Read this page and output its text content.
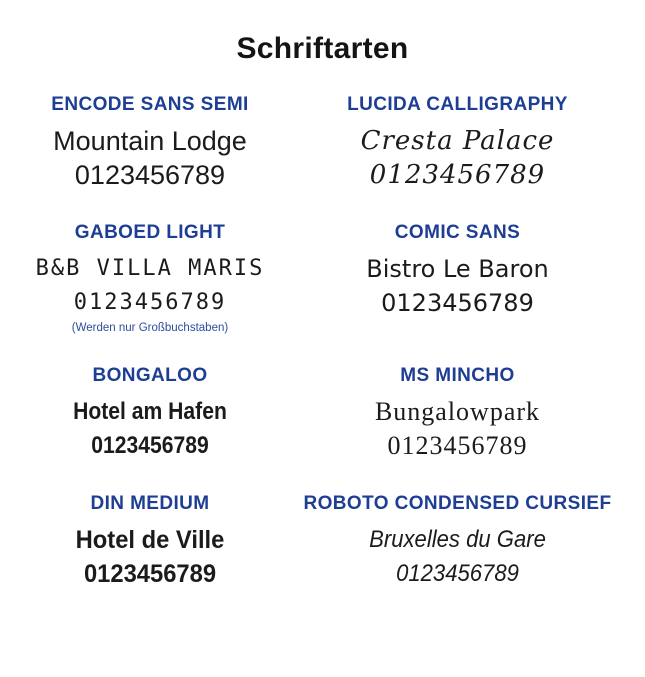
Schriftarten
ENCODE SANS SEMI

Mountain Lodge

0123456789

LUCIDA CALLIGRAPHY

Cresta Palace

0123456789

GABOED LIGHT

B&B VILLA MARIS

0123456789

(Werden nur Großbuchstaben)

COMIC SANS

Bistro Le Baron

0123456789

BONGALOO

Hotel am Hafen

0123456789

MS MINCHO

Bungalowpark

0123456789

DIN MEDIUM

Hotel de Ville

0123456789

ROBOTO CONDENSED CURSIEF

Bruxelles du Gare

0123456789
